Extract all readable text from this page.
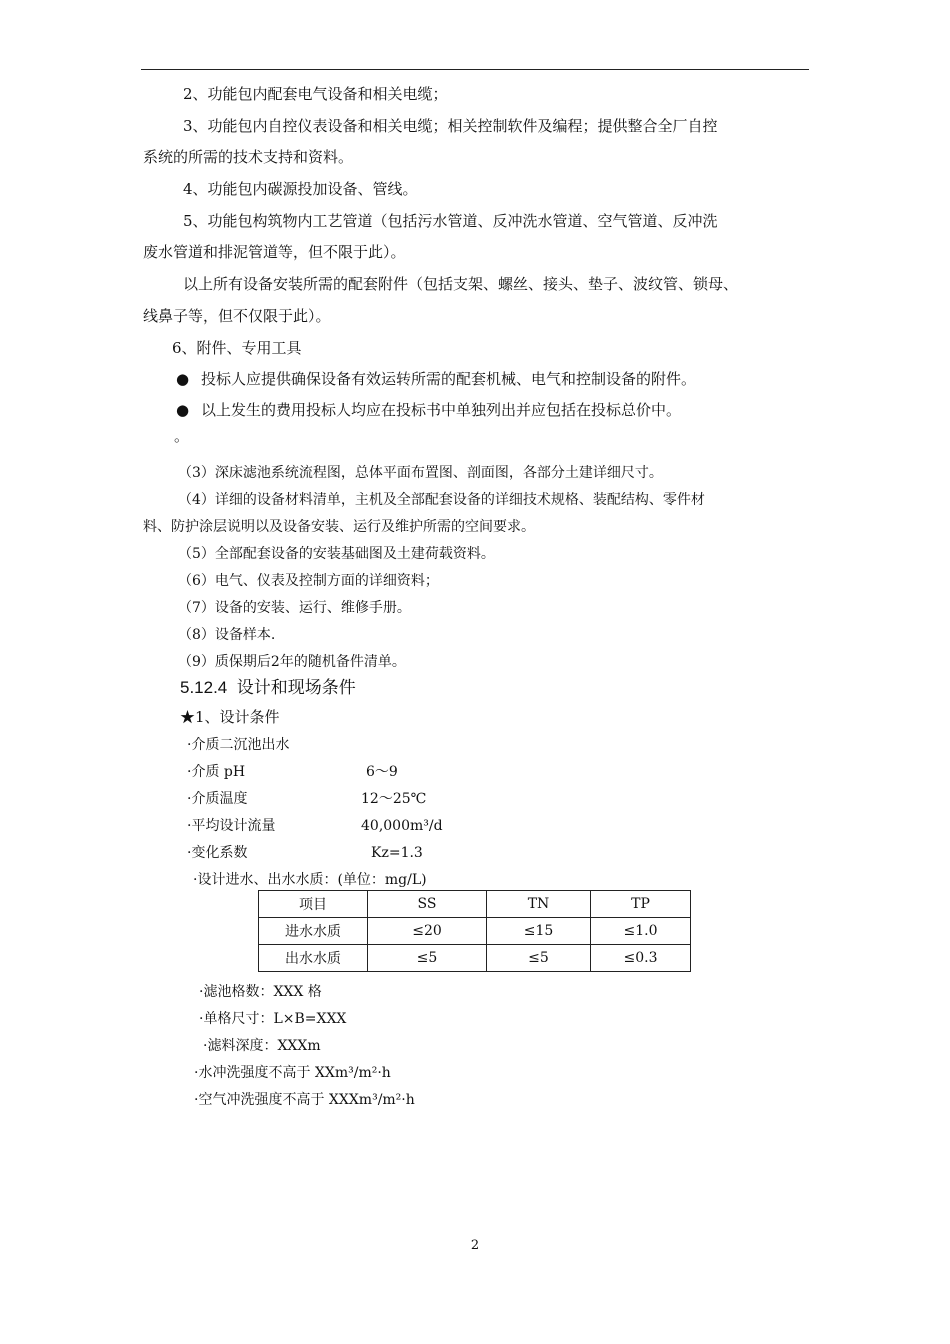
2、功能包内配套电气设备和相关电缆；
3、功能包内自控仪表设备和相关电缆；相关控制软件及编程；提供整合全厂自控
系统的所需的技术支持和资料。
4、功能包内碳源投加设备、管线。
5、功能包构筑物内工艺管道（包括污水管道、反冲洗水管道、空气管道、反冲洗
废水管道和排泥管道等，但不限于此）。
以上所有设备安装所需的配套附件（包括支架、螺丝、接头、垫子、波纹管、锁母、
线鼻子等，但不仅限于此）。
6、附件、专用工具
● 投标人应提供确保设备有效运转所需的配套机械、电气和控制设备的附件。
● 以上发生的费用投标人均应在投标书中单独列出并应包括在投标总价中。
。
（3）深床滤池系统流程图，总体平面布置图、剖面图，各部分土建详细尺寸。
（4）详细的设备材料清单，主机及全部配套设备的详细技术规格、装配结构、零件材
料、防护涂层说明以及设备安装、运行及维护所需的空间要求。
（5）全部配套设备的安装基础图及土建荷载资料。
（6）电气、仪表及控制方面的详细资料；
（7）设备的安装、运行、维修手册。
（8）设备样本.
（9）质保期后2年的随机备件清单。
5.12.4 设计和现场条件
★1、设计条件
·介质二沉池出水
·介质 pH	6～9
·介质温度	12～25℃
·平均设计流量	40,000m³/d
·变化系数	Kz=1.3
·设计进水、出水水质：(单位：mg/L)
项目	SS	TN	TP
进水水质	≤20	≤15	≤1.0
出水水质	≤5	≤5	≤0.3
·滤池格数：XXX 格
·单格尺寸：L×B=XXX
·滤料深度：XXXm
·水冲洗强度不高于 XXm³/m²·h
·空气冲洗强度不高于 XXXm³/m²·h
2
